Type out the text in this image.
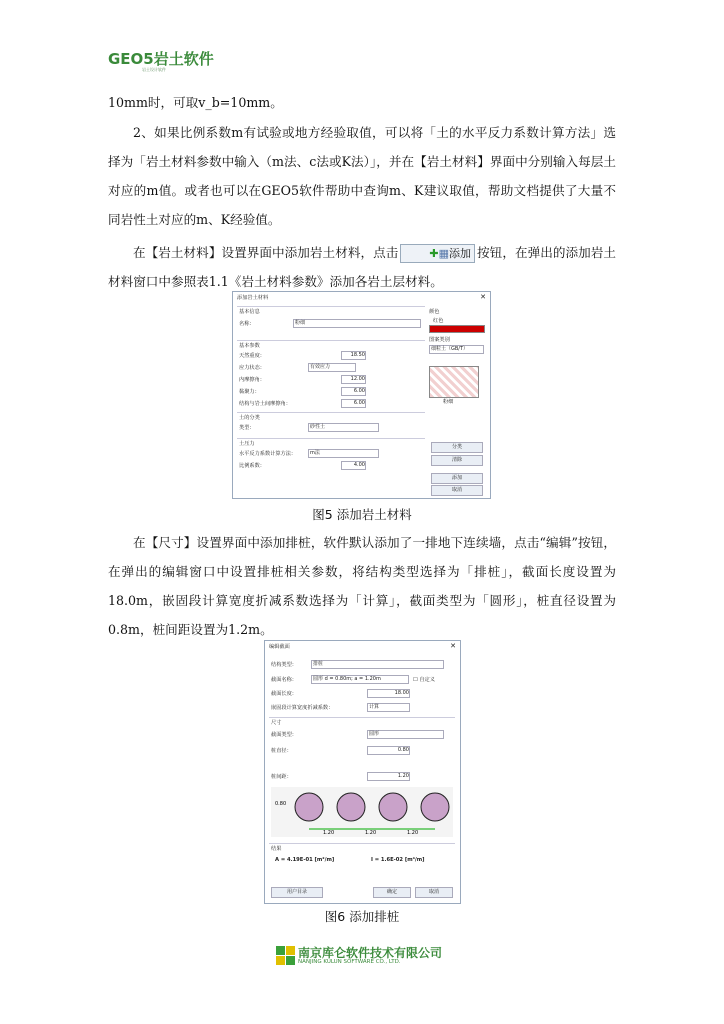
GEO5岩土软件
岩土设计软件
10mm时，可取v_b=10mm。
2、如果比例系数m有试验或地方经验取值，可以将「土的水平反力系数计算方法」选择为「岩土材料参数中输入（m法、c法或K法）」，并在【岩土材料】界面中分别输入每层土对应的m值。或者也可以在GEO5软件帮助中查询m、K建议取值，帮助文档提供了大量不同岩性土对应的m、K经验值。
在【岩土材料】设置界面中添加岩土材料，点击	✚▦添加 按钮，在弹出的添加岩土材料窗口中参照表1.1《岩土材料参数》添加各岩土层材料。
添加岩土材料	✕
基本信息
名称：	粉细
颜色
红色
基本参数
天然重度：	18.50
应力状态：	有效应力
内摩擦角：	12.00
黏聚力：	6.00
结构与岩土间摩擦角：	6.00
土的分类
类型：	砂性土
图案类别
细粒土（GB/T）
粉细
土压力
水平反力系数计算方法：	m法
比例系数：	4.00
分类
清除
添加
取消
图5 添加岩土材料
在【尺寸】设置界面中添加排桩，软件默认添加了一排地下连续墙，点击“编辑”按钮，在弹出的编辑窗口中设置排桩相关参数，将结构类型选择为「排桩」，截面长度设置为18.0m，嵌固段计算宽度折减系数选择为「计算」，截面类型为「圆形」，桩直径设置为0.8m，桩间距设置为1.2m。
编辑截面	✕
结构类型：	排桩
截面名称：	圆形 d = 0.80m; a = 1.20m	☐ 自定义
截面长度：	18.00
嵌固段计算宽度折减系数：	计算
尺寸
截面类型：	圆形
桩直径：	0.80
桩间距：	1.20
0.80
1.20	1.20	1.20
结果
A = 4.19E-01 [m²/m]	I = 1.6E-02 [m⁴/m]
用户目录	确定	取消
图6 添加排桩
南京库仑软件技术有限公司
NANJING KULUN SOFTWARE CO., LTD.
